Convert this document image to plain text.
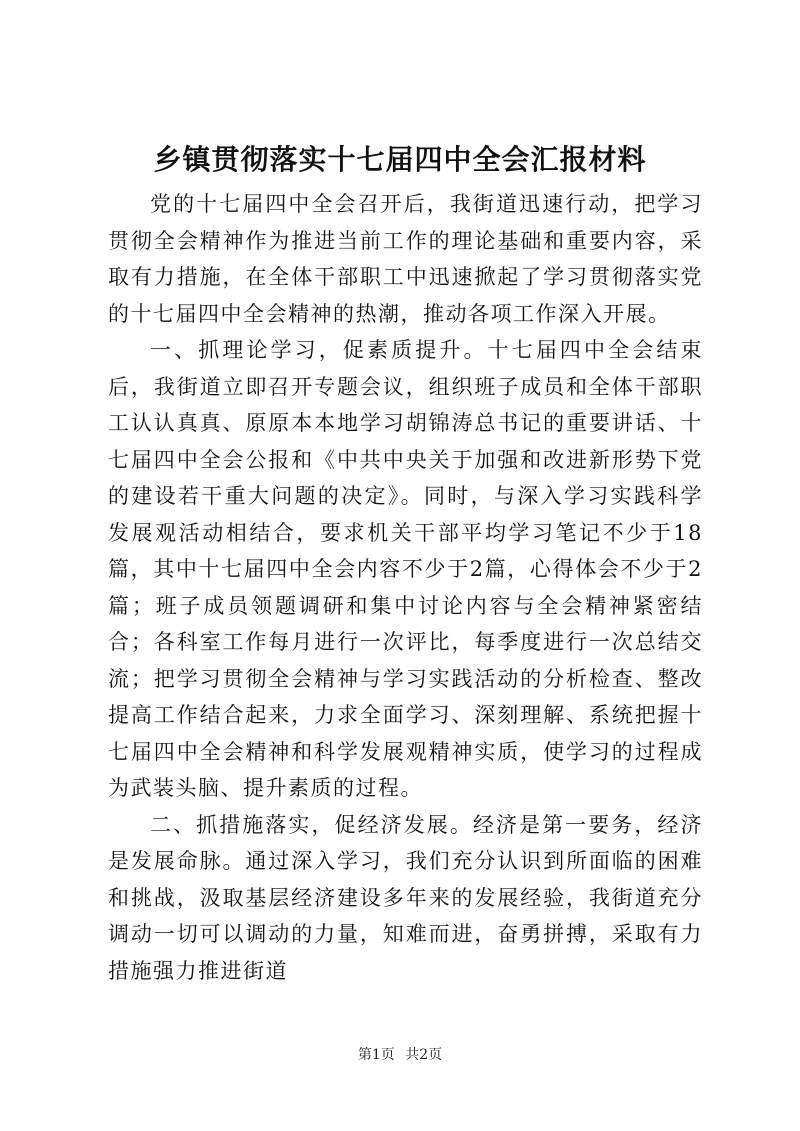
乡镇贯彻落实十七届四中全会汇报材料

党的十七届四中全会召开后，我街道迅速行动，把学习贯彻全会精神作为推进当前工作的理论基础和重要内容，采取有力措施，在全体干部职工中迅速掀起了学习贯彻落实党的十七届四中全会精神的热潮，推动各项工作深入开展。

一、抓理论学习，促素质提升。十七届四中全会结束后，我街道立即召开专题会议，组织班子成员和全体干部职工认认真真、原原本本地学习胡锦涛总书记的重要讲话、十七届四中全会公报和《中共中央关于加强和改进新形势下党的建设若干重大问题的决定》。同时，与深入学习实践科学发展观活动相结合，要求机关干部平均学习笔记不少于18篇，其中十七届四中全会内容不少于2篇，心得体会不少于2篇；班子成员领题调研和集中讨论内容与全会精神紧密结合；各科室工作每月进行一次评比，每季度进行一次总结交流；把学习贯彻全会精神与学习实践活动的分析检查、整改提高工作结合起来，力求全面学习、深刻理解、系统把握十七届四中全会精神和科学发展观精神实质，使学习的过程成为武装头脑、提升素质的过程。

二、抓措施落实，促经济发展。经济是第一要务，经济是发展命脉。通过深入学习，我们充分认识到所面临的困难和挑战，汲取基层经济建设多年来的发展经验，我街道充分调动一切可以调动的力量，知难而进，奋勇拼搏，采取有力措施强力推进街道

第1页 共2页
